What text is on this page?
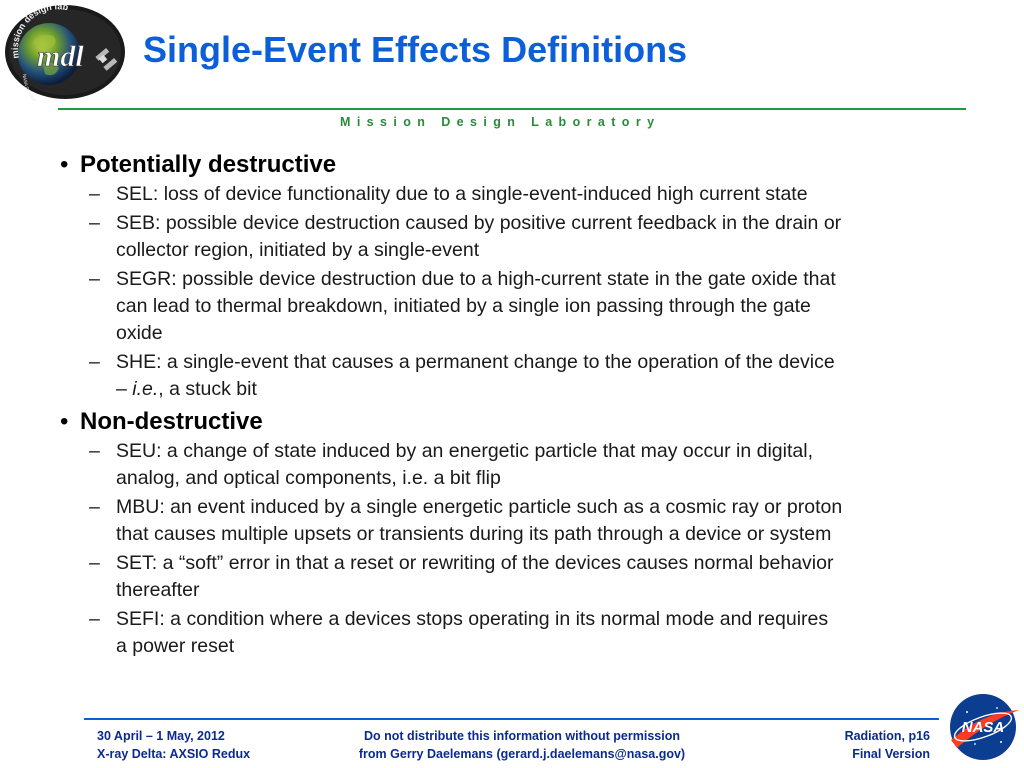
mission design lab
mdl
NASA GODDA
Single-Event Effects Definitions
Mission Design Laboratory

• Potentially destructive

– SEL: loss of device functionality due to a single-event-induced high current state
– SEB: possible device destruction caused by positive current feedback in the drain or
collector region, initiated by a single-event
– SEGR: possible device destruction due to a high-current state in the gate oxide that
can lead to thermal breakdown, initiated by a single ion passing through the gate
oxide
– SHE: a single-event that causes a permanent change to the operation of the device
– i.e., a stuck bit

• Non-destructive

– SEU: a change of state induced by an energetic particle that may occur in digital,
analog, and optical components, i.e. a bit flip
– MBU: an event induced by a single energetic particle such as a cosmic ray or proton
that causes multiple upsets or transients during its path through a device or system
– SET: a “soft” error in that a reset or rewriting of the devices causes normal behavior
thereafter
– SEFI: a condition where a devices stops operating in its normal mode and requires
a power reset
30 April – 1 May, 2012
X-ray Delta: AXSIO Redux
Do not distribute this information without permission
from Gerry Daelemans (gerard.j.daelemans@nasa.gov)
Radiation, p16
Final Version
NASA
